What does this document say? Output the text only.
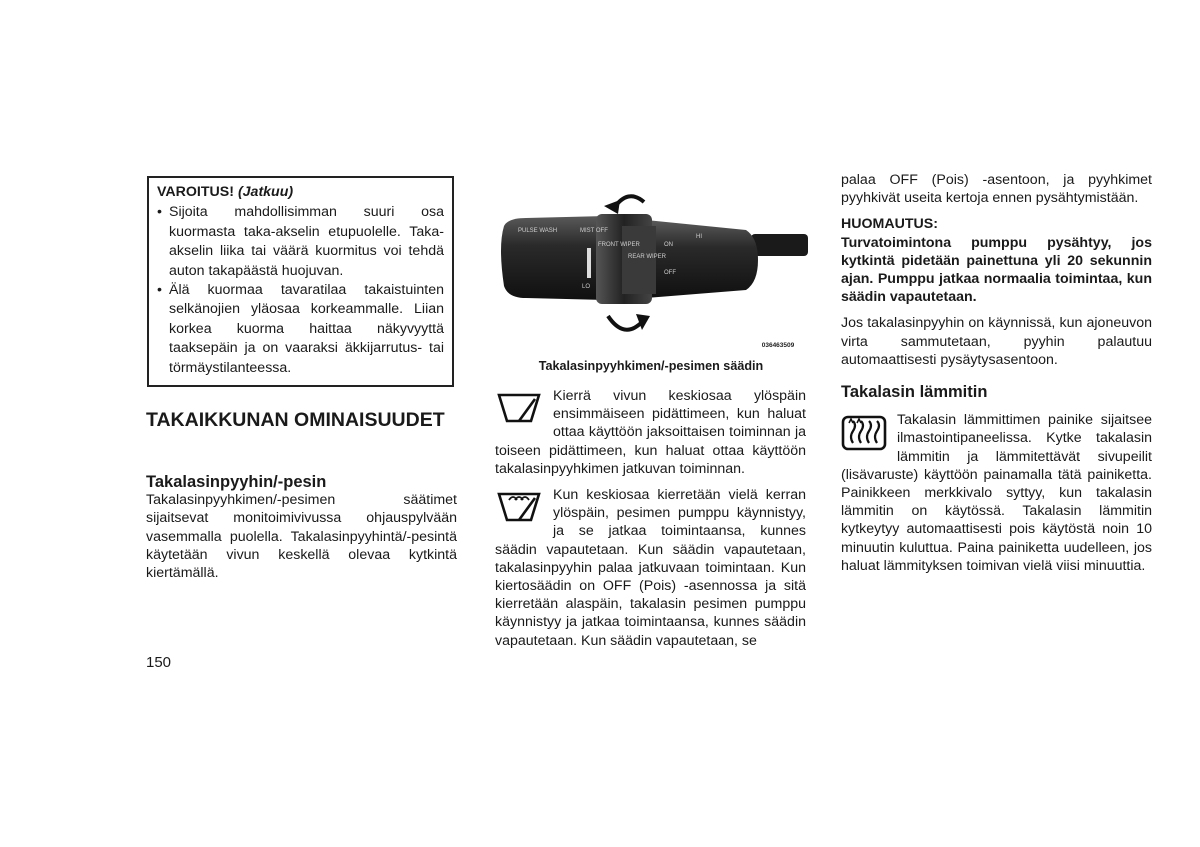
VAROITUS! (Jatkuu)
• Sijoita mahdollisimman suuri osa kuormasta taka-akselin etupuolelle. Taka-akselin liika tai väärä kuormitus voi tehdä auton takapäästä huojuvan.
• Älä kuormaa tavaratilaa takaistuinten selkänojien yläosaa korkeammalle. Liian korkea kuorma haittaa näkyvyyttä taaksepäin ja on vaaraksi äkkijarrutus- tai törmäystilanteessa.
TAKAIKKUNAN OMINAISUUDET
Takalasinpyyhin/-pesin
Takalasinpyyhkimen/-pesimen säätimet sijaitsevat monitoimivivussa ohjauspylvään vasemmalla puolella. Takalasinpyyhintä/-pesintä käytetään vivun keskellä olevaa kytkintä kiertämällä.
150
PULSE WASH	MIST OFF
FRONT WIPER
REAR WIPER
ON
OFF
LO
HI
036463509
Takalasinpyyhkimen/-pesimen säädin
Kierrä vivun keskiosaa ylöspäin ensimmäiseen pidättimeen, kun haluat ottaa käyttöön jaksoittaisen toiminnan ja toiseen pidättimeen, kun haluat ottaa käyttöön takalasinpyyhkimen jatkuvan toiminnan.
Kun keskiosaa kierretään vielä kerran ylöspäin, pesimen pumppu käynnistyy, ja se jatkaa toimintaansa, kunnes säädin vapautetaan. Kun säädin vapautetaan, takalasinpyyhin palaa jatkuvaan toimintaan. Kun kiertosäädin on OFF (Pois) -asennossa ja sitä kierretään alaspäin, takalasin pesimen pumppu käynnistyy ja jatkaa toimintaansa, kunnes säädin vapautetaan. Kun säädin vapautetaan, se
palaa OFF (Pois) -asentoon, ja pyyhkimet pyyhkivät useita kertoja ennen pysähtymistään.
HUOMAUTUS:
Turvatoimintona pumppu pysähtyy, jos kytkintä pidetään painettuna yli 20 sekunnin ajan. Pumppu jatkaa normaalia toimintaa, kun säädin vapautetaan.
Jos takalasinpyyhin on käynnissä, kun ajoneuvon virta sammutetaan, pyyhin palautuu automaattisesti pysäytysasentoon.
Takalasin lämmitin
Takalasin lämmittimen painike sijaitsee ilmastointipaneelissa. Kytke takalasin lämmitin ja lämmitettävät sivupeilit (lisävaruste) käyttöön painamalla tätä painiketta. Painikkeen merkkivalo syttyy, kun takalasin lämmitin on käytössä. Takalasin lämmitin kytkeytyy automaattisesti pois käytöstä noin 10 minuutin kuluttua. Paina painiketta uudelleen, jos haluat lämmityksen toimivan vielä viisi minuuttia.
